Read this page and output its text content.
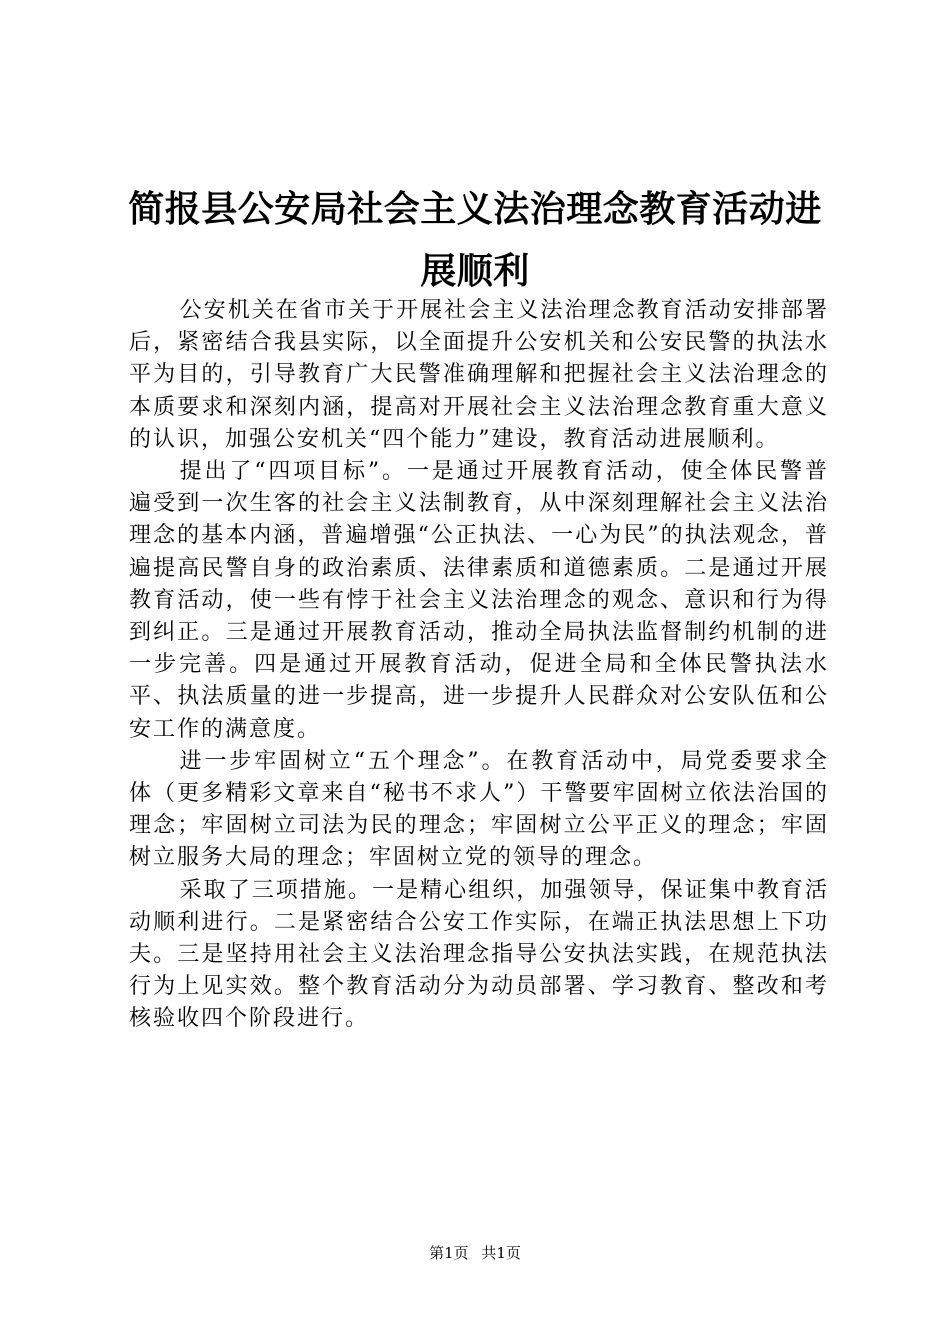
简报县公安局社会主义法治理念教育活动进展顺利

公安机关在省市关于开展社会主义法治理念教育活动安排部署后，紧密结合我县实际，以全面提升公安机关和公安民警的执法水平为目的，引导教育广大民警准确理解和把握社会主义法治理念的本质要求和深刻内涵，提高对开展社会主义法治理念教育重大意义的认识，加强公安机关“四个能力”建设，教育活动进展顺利。

提出了“四项目标”。一是通过开展教育活动，使全体民警普遍受到一次生客的社会主义法制教育，从中深刻理解社会主义法治理念的基本内涵，普遍增强“公正执法、一心为民”的执法观念，普遍提高民警自身的政治素质、法律素质和道德素质。二是通过开展教育活动，使一些有悖于社会主义法治理念的观念、意识和行为得到纠正。三是通过开展教育活动，推动全局执法监督制约机制的进一步完善。四是通过开展教育活动，促进全局和全体民警执法水平、执法质量的进一步提高，进一步提升人民群众对公安队伍和公安工作的满意度。

进一步牢固树立“五个理念”。在教育活动中，局党委要求全体（更多精彩文章来自“秘书不求人”）干警要牢固树立依法治国的理念；牢固树立司法为民的理念；牢固树立公平正义的理念；牢固树立服务大局的理念；牢固树立党的领导的理念。

采取了三项措施。一是精心组织，加强领导，保证集中教育活动顺利进行。二是紧密结合公安工作实际，在端正执法思想上下功夫。三是坚持用社会主义法治理念指导公安执法实践，在规范执法行为上见实效。整个教育活动分为动员部署、学习教育、整改和考核验收四个阶段进行。

第1页 共1页
